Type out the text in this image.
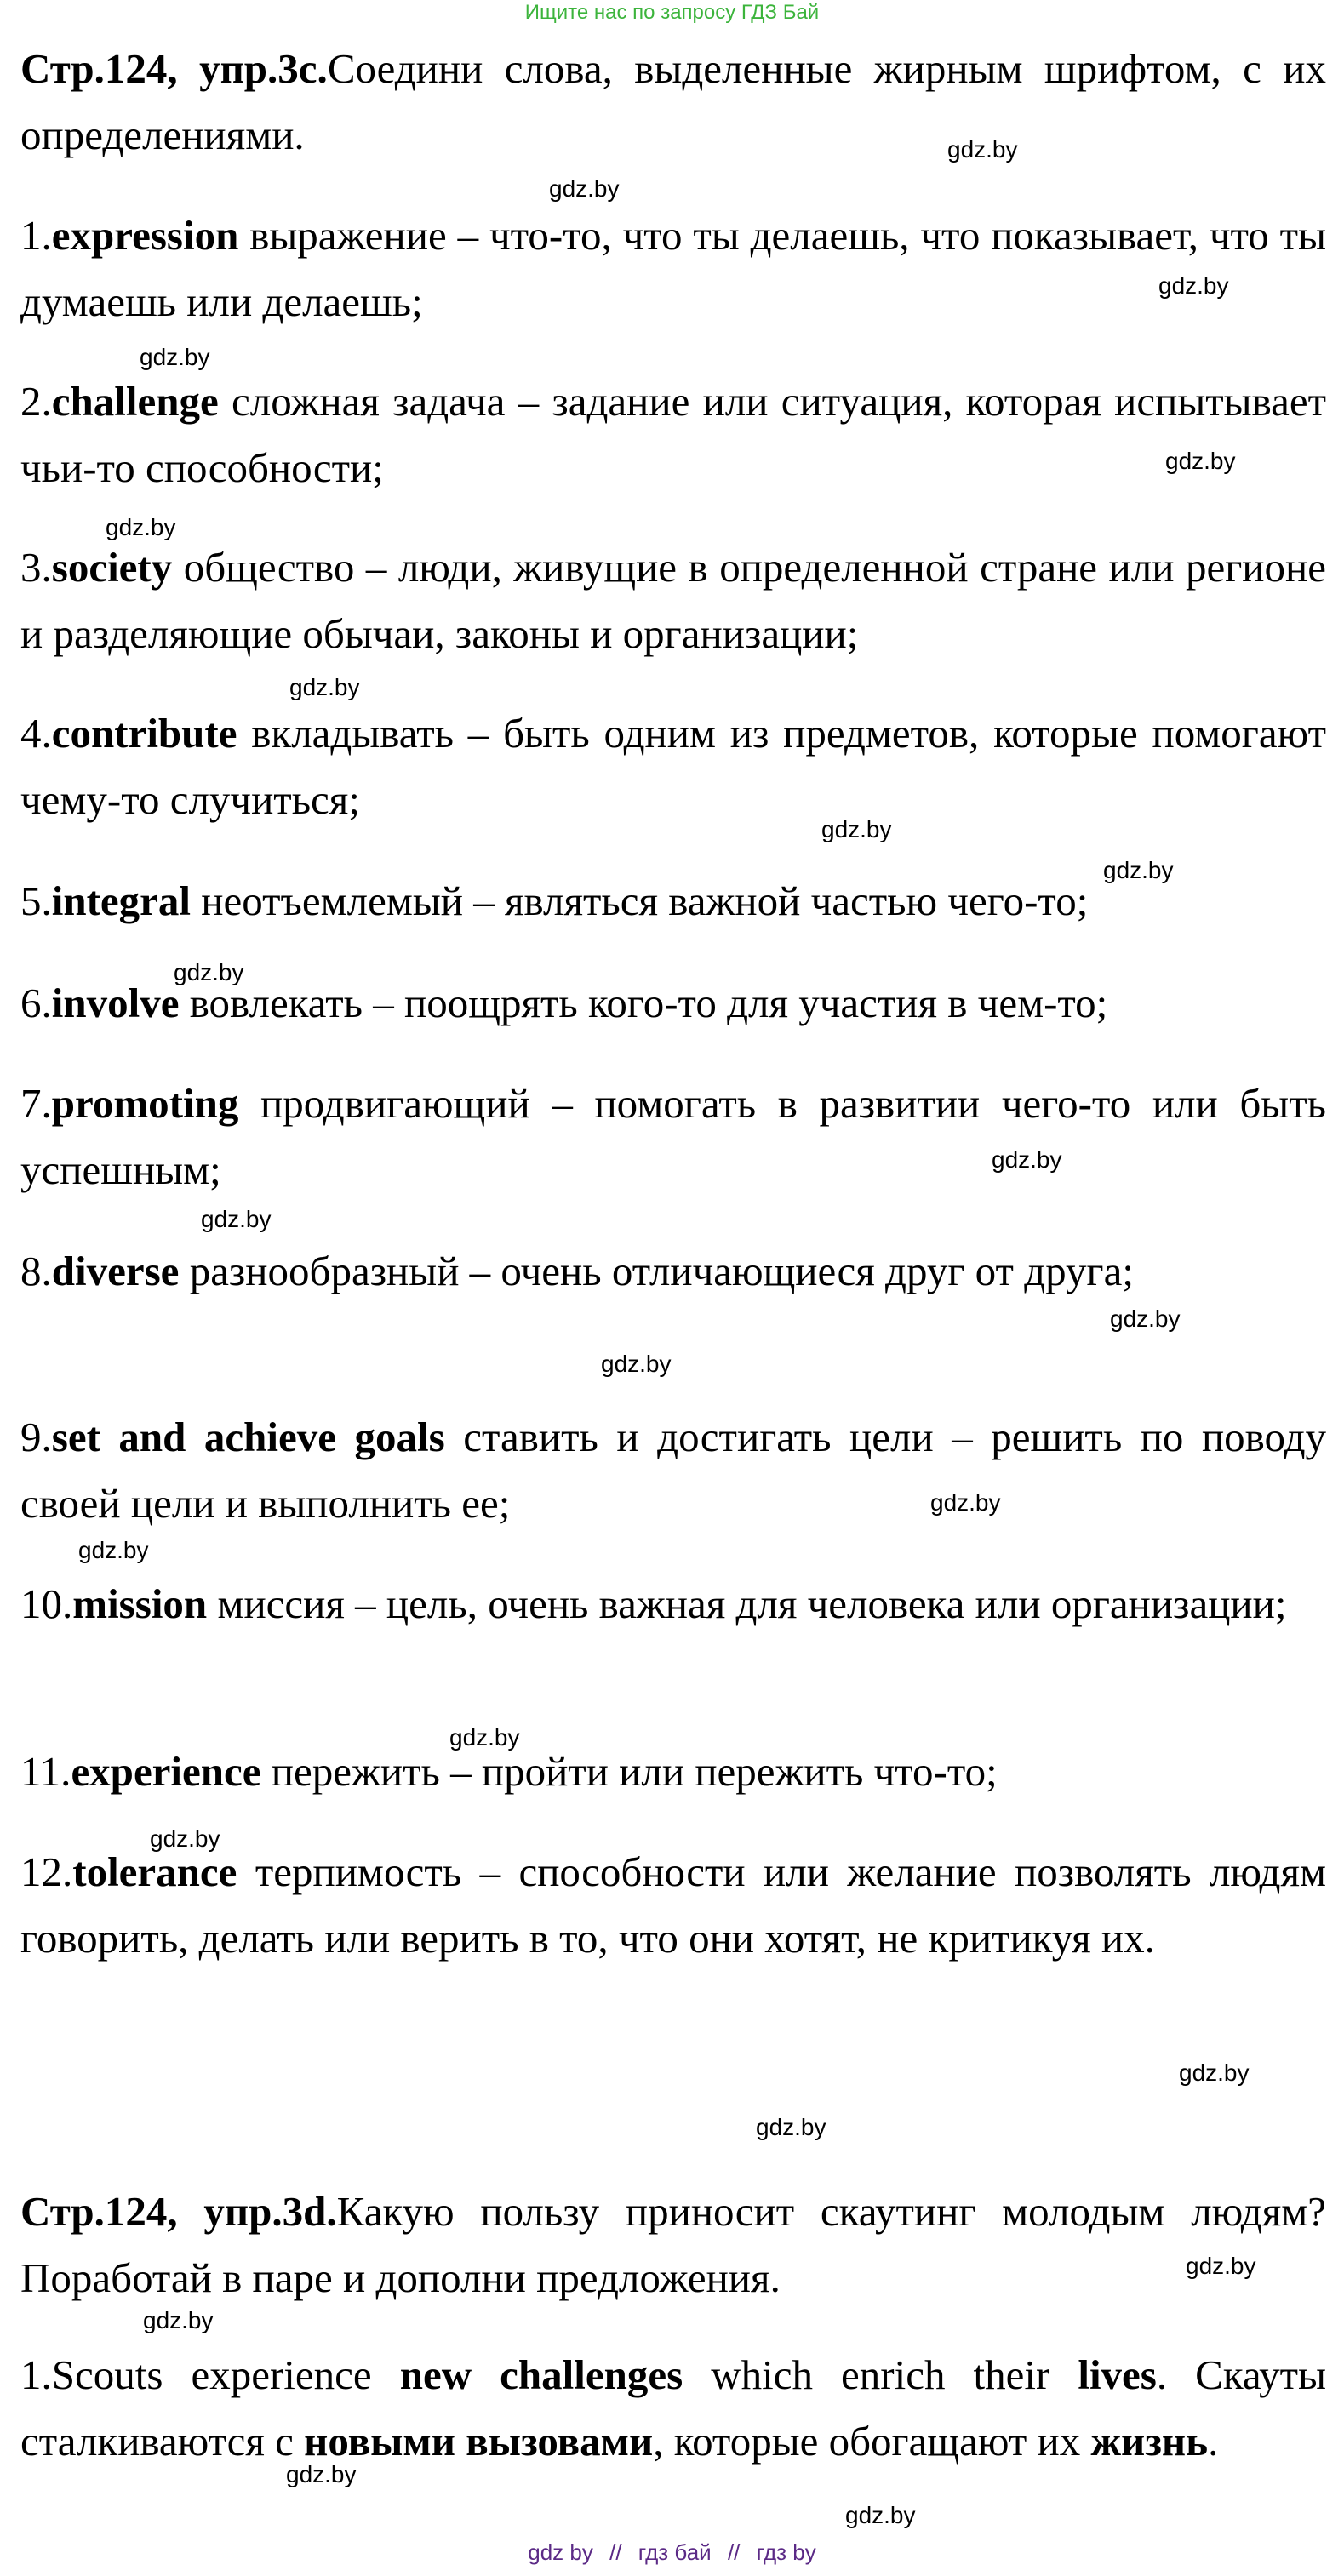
Ищите нас по запросу ГДЗ Бай

Стр.124, упр.3c.Соедини слова, выделенные жирным шрифтом, с их определениями.

1.expression выражение – что-то, что ты делаешь, что показывает, что ты думаешь или делаешь;

2.challenge сложная задача – задание или ситуация, которая испытывает чьи-то способности;

3.society общество – люди, живущие в определенной стране или регионе и разделяющие обычаи, законы и организации;

4.contribute вкладывать – быть одним из предметов, которые помогают чему-то случиться;

5.integral неотъемлемый – являться важной частью чего-то;

6.involve вовлекать – поощрять кого-то для участия в чем-то;

7.promoting продвигающий – помогать в развитии чего-то или быть успешным;

8.diverse разнообразный – очень отличающиеся друг от друга;

9.set and achieve goals ставить и достигать цели – решить по поводу своей цели и выполнить ее;

10.mission миссия – цель, очень важная для человека или организации;

11.experience пережить – пройти или пережить что-то;

12.tolerance терпимость – способности или желание позволять людям говорить, делать или верить в то, что они хотят, не критикуя их.

Стр.124, упр.3d.Какую пользу приносит скаутинг молодым людям? Поработай в паре и дополни предложения.

1.Scouts experience new challenges which enrich their lives. Скауты сталкиваются с новыми вызовами, которые обогащают их жизнь.

gdz.by
gdz.by
gdz.by
gdz.by
gdz.by
gdz.by
gdz.by
gdz.by
gdz.by
gdz.by
gdz.by
gdz.by
gdz.by
gdz.by
gdz.by
gdz.by
gdz.by
gdz.by
gdz.by
gdz.by
gdz.by
gdz.by
gdz.by
gdz.by
gdz by // гдз бай // гдз by
